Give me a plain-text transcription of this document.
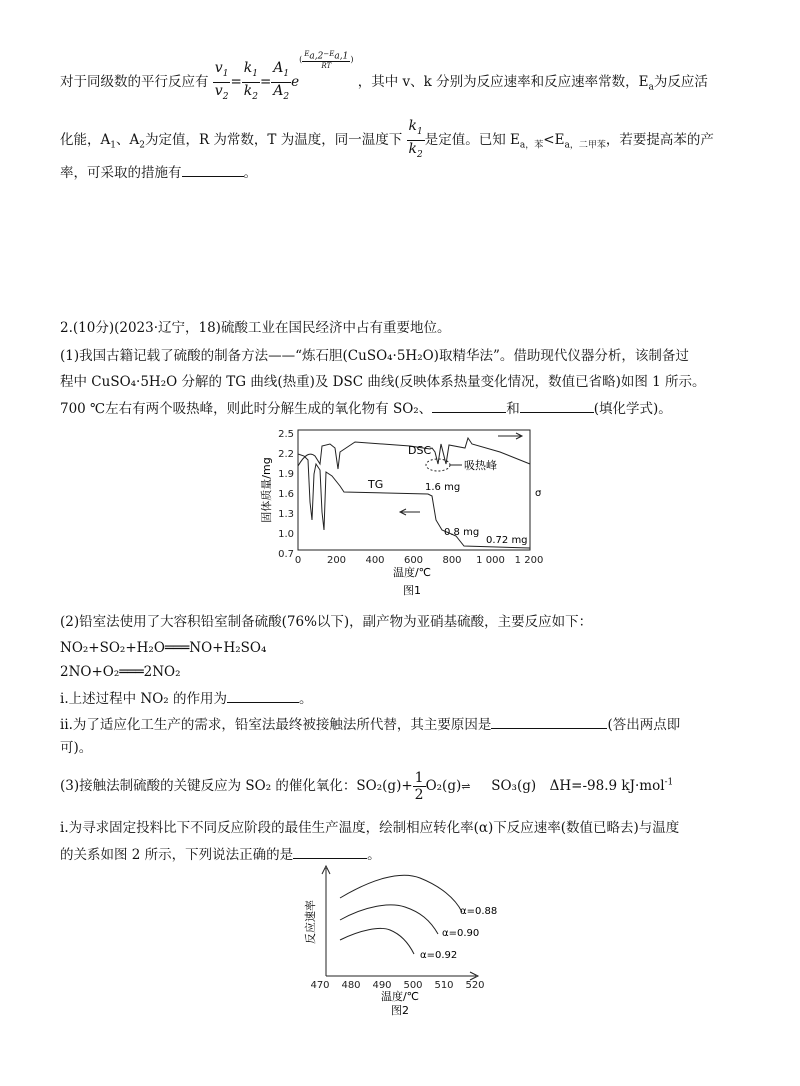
对于同级数的平行反应有 $\frac{v_1}{v_2} = \frac{k_1}{k_2} = \frac{A_1}{A_2} e^{( \frac{E_{a,2}-E_{a,1}}{RT} )}$ ，其中 v、k 分别为反应速率和反应速率常数，$E_a$为反应活
化能，$A_1$、$A_2$为定值，R 为常数，T 为温度，同一温度下 $\frac{k_1}{k_2}$ 是定值。已知 $E_{a,苯}<E_{a,二甲苯}$，若要提高苯的产
率，可采取的措施有	。
2.(10分)(2023·辽宁，18)硫酸工业在国民经济中占有重要地位。
(1)我国古籍记载了硫酸的制备方法——“炼石胆(CuSO₄·5H₂O)取精华法”。借助现代仪器分析，该制备过
程中 CuSO₄·5H₂O 分解的 TG 曲线(热重)及 DSC 曲线(反映体系热量变化情况，数值已省略)如图 1 所示。
700 ℃左右有两个吸热峰，则此时分解生成的氧化物有 SO₂、	和	(填化学式)。
2.5
2.2
1.9
1.6
1.3
1.0
0.7
0	200 400 600 800 1 000 1 200
固体质量/mg
温度/℃
图1
DSC
TG
吸热峰
1.6 mg
0.8 mg
0.72 mg
σ
(2)铅室法使用了大容积铅室制备硫酸(76%以下)，副产物为亚硝基硫酸，主要反应如下：
NO₂+SO₂+H₂O═══NO+H₂SO₄
2NO+O₂═══2NO₂
ⅰ.上述过程中 NO₂ 的作用为	。
ⅱ.为了适应化工生产的需求，铅室法最终被接触法所代替，其主要原因是	(答出两点即
可)。
(3)接触法制硫酸的关键反应为 SO₂ 的催化氧化：$SO_2(g)+ \frac{1}{2}$ O₂(g)⇌ SO₃(g)　ΔH=-98.9 kJ·mol$^{-1}$
ⅰ.为寻求固定投料比下不同反应阶段的最佳生产温度，绘制相应转化率(α)下反应速率(数值已略去)与温度
的关系如图 2 所示，下列说法正确的是	。
470 480 490 500 510 520
反应速率
温度/℃
图2
α=0.88
α=0.90
α=0.92
